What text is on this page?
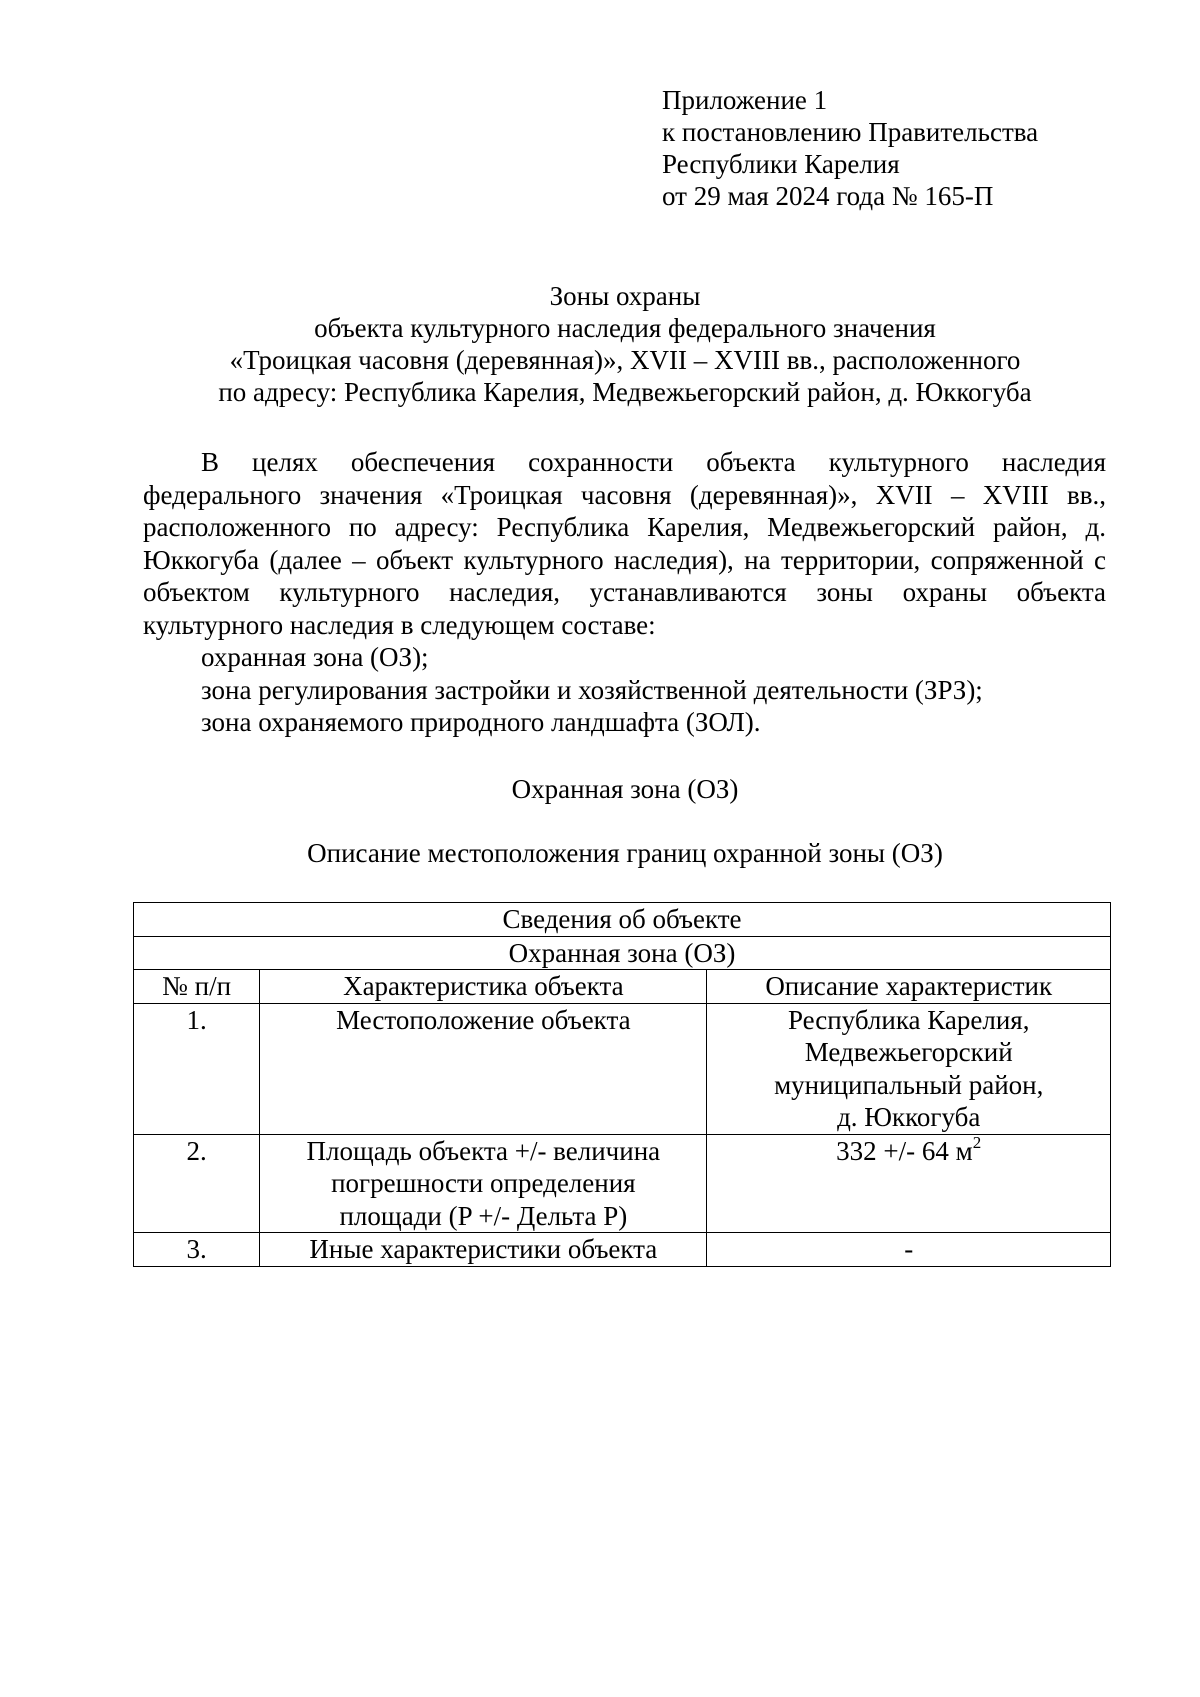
Приложение 1
к постановлению Правительства
Республики Карелия
от 29 мая 2024 года № 165-П
Зоны охраны
объекта культурного наследия федерального значения
«Троицкая часовня (деревянная)», XVII – XVIII вв., расположенного
по адресу: Республика Карелия, Медвежьегорский район, д. Юккогуба

В целях обеспечения сохранности объекта культурного наследия федерального значения «Троицкая часовня (деревянная)», XVII – XVIII вв., расположенного по адресу: Республика Карелия, Медвежьегорский район, д. Юккогуба (далее – объект культурного наследия), на территории, сопряженной с объектом культурного наследия, устанавливаются зоны охраны объекта культурного наследия в следующем составе:

охранная зона (ОЗ);

зона регулирования застройки и хозяйственной деятельности (ЗРЗ);

зона охраняемого природного ландшафта (ЗОЛ).

Охранная зона (ОЗ)
Описание местоположения границ охранной зоны (ОЗ)
Сведения об объекте		
Охранная зона (ОЗ)		
№ п/п	Характеристика объекта	Описание характеристик
1.	Местоположение объекта	Республика Карелия,
Медвежьегорский
муниципальный район,
д. Юккогуба

2.	Площадь объекта +/- величина
погрешности определения
площади (P +/- Дельта P)	332 +/- 64 $м^2$
3.	Иные характеристики объекта	-
